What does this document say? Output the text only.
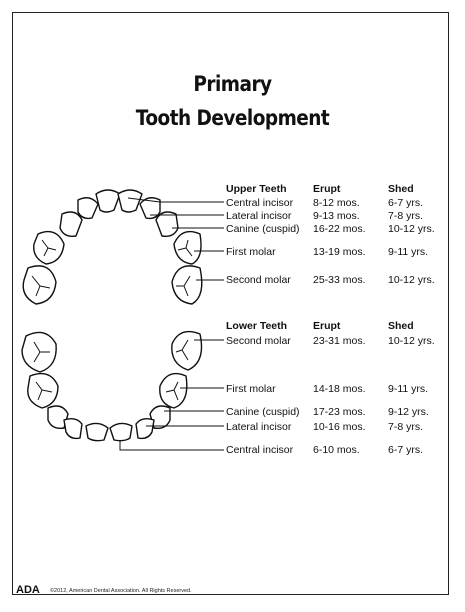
Primary
Tooth Development
Upper Teeth	Erupt	Shed
Central incisor 8-12 mos.	6-7 yrs.
Lateral incisor 9-13 mos.	7-8 yrs.
Canine (cuspid) 16-22 mos. 10-12 yrs.
First molar	13-19 mos. 9-11 yrs.
Second molar 25-33 mos. 10-12 yrs.
Lower Teeth Erupt	Shed
Second molar 23-31 mos. 10-12 yrs.
First molar	14-18 mos. 9-11 yrs.
Canine (cuspid) 17-23 mos. 9-12 yrs.
Lateral incisor 10-16 mos. 7-8 yrs.
Central incisor 6-10 mos.	6-7 yrs.
ADA ©2012, American Dental Association. All Rights Reserved.
